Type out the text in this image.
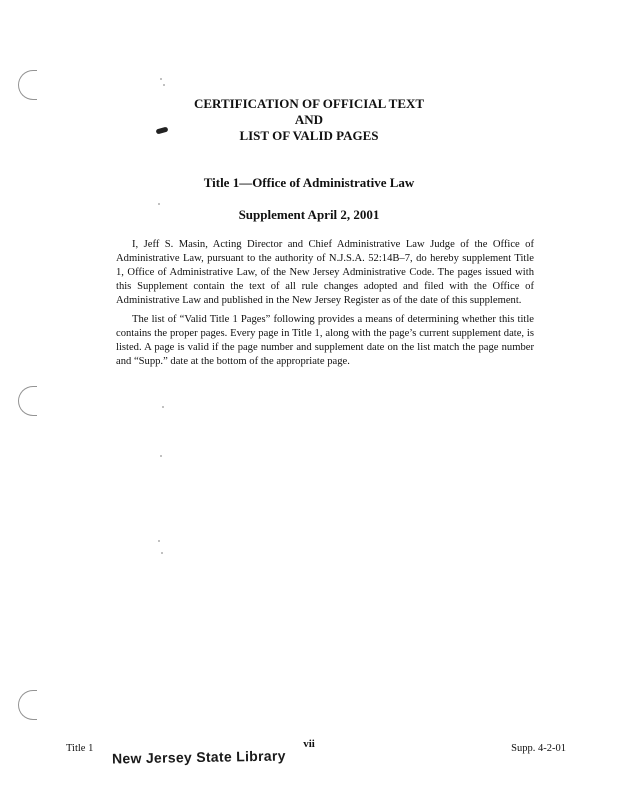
CERTIFICATION OF OFFICIAL TEXT
AND
LIST OF VALID PAGES
Title 1—Office of Administrative Law
Supplement April 2, 2001

I, Jeff S. Masin, Acting Director and Chief Administrative Law Judge of the Office of Administrative Law, pursuant to the authority of N.J.S.A. 52:14B–7, do hereby supplement Title 1, Office of Administrative Law, of the New Jersey Administrative Code. The pages issued with this Supplement contain the text of all rule changes adopted and filed with the Office of Administrative Law and published in the New Jersey Register as of the date of this supplement.

The list of “Valid Title 1 Pages” following provides a means of determining whether this title contains the proper pages. Every page in Title 1, along with the page’s current supplement date, is listed. A page is valid if the page number and supplement date on the list match the page number and “Supp.” date at the bottom of the appropriate page.

Title 1	vii	Supp. 4-2-01
New Jersey State Library
